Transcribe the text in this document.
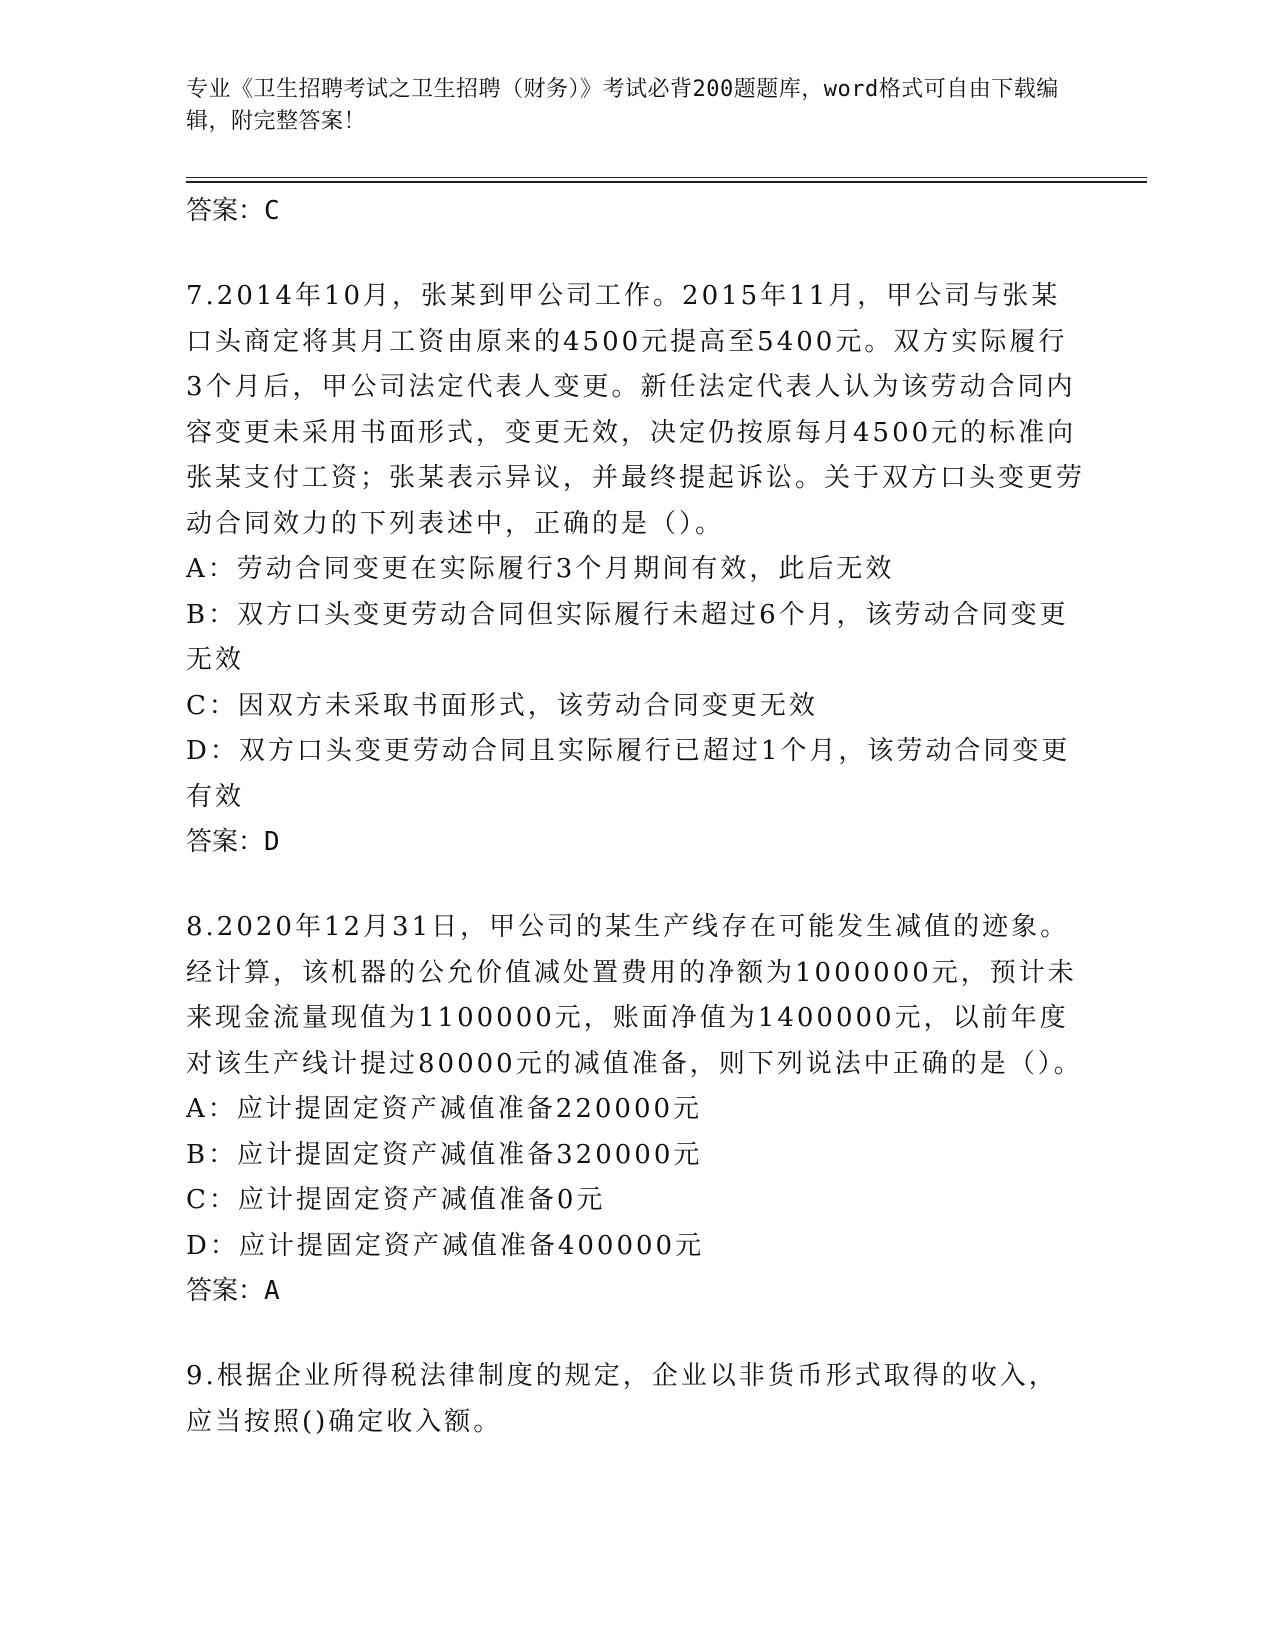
专业《卫生招聘考试之卫生招聘（财务）》考试必背200题题库，word格式可自由下载编辑，附完整答案！

答案：C

7.2014年10月，张某到甲公司工作。2015年11月，甲公司与张某口头商定将其月工资由原来的4500元提高至5400元。双方实际履行3个月后，甲公司法定代表人变更。新任法定代表人认为该劳动合同内容变更未采用书面形式，变更无效，决定仍按原每月4500元的标准向张某支付工资；张某表示异议，并最终提起诉讼。关于双方口头变更劳动合同效力的下列表述中，正确的是（）。

A：劳动合同变更在实际履行3个月期间有效，此后无效

B：双方口头变更劳动合同但实际履行未超过6个月，该劳动合同变更无效

C：因双方未采取书面形式，该劳动合同变更无效

D：双方口头变更劳动合同且实际履行已超过1个月，该劳动合同变更有效

答案：D

8.2020年12月31日，甲公司的某生产线存在可能发生减值的迹象。经计算，该机器的公允价值减处置费用的净额为1000000元，预计未来现金流量现值为1100000元，账面净值为1400000元，以前年度对该生产线计提过80000元的减值准备，则下列说法中正确的是（）。

A：应计提固定资产减值准备220000元

B：应计提固定资产减值准备320000元

C：应计提固定资产减值准备0元

D：应计提固定资产减值准备400000元

答案：A

9.根据企业所得税法律制度的规定，企业以非货币形式取得的收入，应当按照()确定收入额。
